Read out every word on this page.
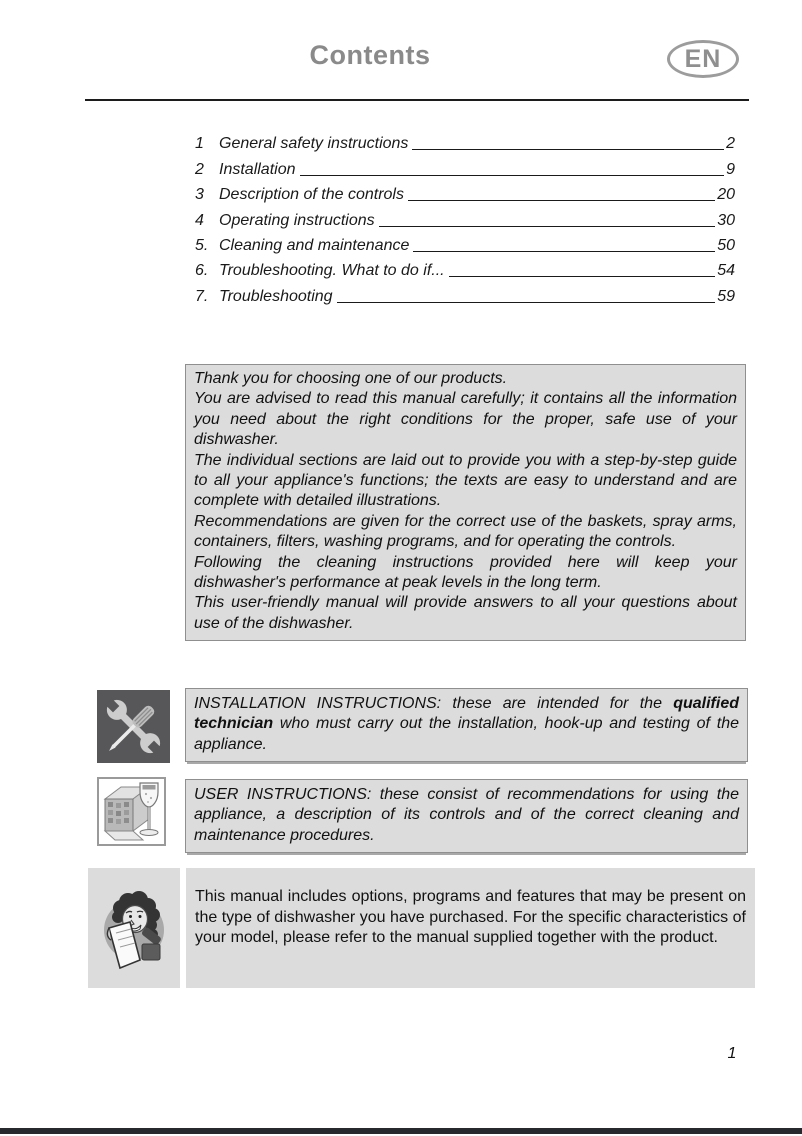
Contents	EN
1 General safety instructions	2
2 Installation	9
3 Description of the controls	20
4 Operating instructions	30
5. Cleaning and maintenance	50
6. Troubleshooting. What to do if...	54
7. Troubleshooting	59

Thank you for choosing one of our products.

You are advised to read this manual carefully; it contains all the information you need about the right conditions for the proper, safe use of your dishwasher.

The individual sections are laid out to provide you with a step-by-step guide to all your appliance's functions; the texts are easy to understand and are complete with detailed illustrations.

Recommendations are given for the correct use of the baskets, spray arms, containers, filters, washing programs, and for operating the controls.

Following the cleaning instructions provided here will keep your dishwasher's performance at peak levels in the long term.

This user-friendly manual will provide answers to all your questions about use of the dishwasher.

INSTALLATION INSTRUCTIONS: these are intended for the qualified technician who must carry out the installation, hook-up and testing of the appliance.
USER INSTRUCTIONS: these consist of recommendations for using the appliance, a description of its controls and of the correct cleaning and maintenance procedures.
This manual includes options, programs and features that may be present on the type of dishwasher you have purchased. For the specific characteristics of your model, please refer to the manual supplied together with the product.
1
